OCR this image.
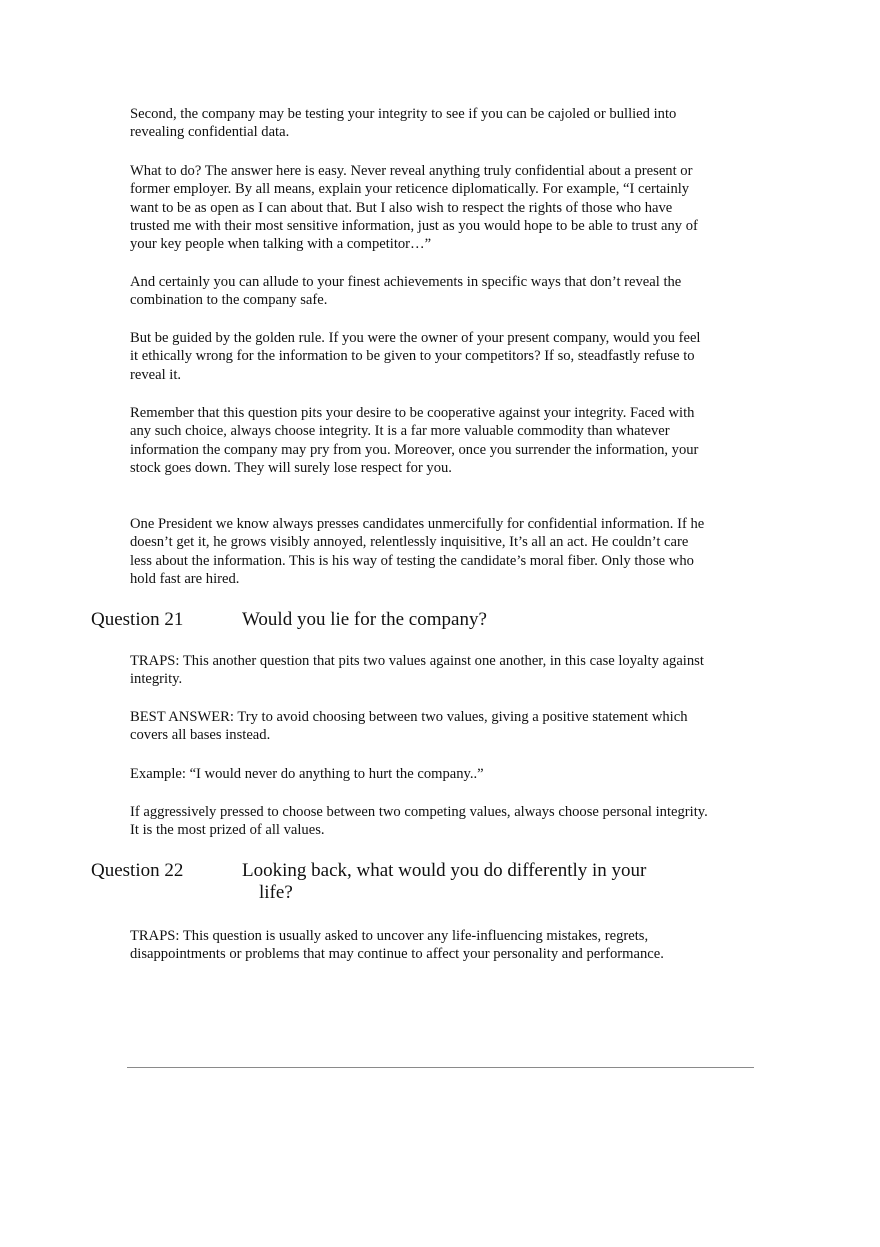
Second, the company may be testing your integrity to see if you can be cajoled or bullied into revealing confidential data.

What to do? The answer here is easy. Never reveal anything truly confidential about a present or former employer. By all means, explain your reticence diplomatically. For example, “I certainly want to be as open as I can about that. But I also wish to respect the rights of those who have trusted me with their most sensitive information, just as you would hope to be able to trust any of your key people when talking with a competitor…”

And certainly you can allude to your finest achievements in specific ways that don’t reveal the combination to the company safe.

But be guided by the golden rule. If you were the owner of your present company, would you feel it ethically wrong for the information to be given to your competitors? If so, steadfastly refuse to reveal it.

Remember that this question pits your desire to be cooperative against your integrity. Faced with any such choice, always choose integrity. It is a far more valuable commodity than whatever information the company may pry from you. Moreover, once you surrender the information, your stock goes down. They will surely lose respect for you.

One President we know always presses candidates unmercifully for confidential information. If he doesn’t get it, he grows visibly annoyed, relentlessly inquisitive, It’s all an act. He couldn’t care less about the information. This is his way of testing the candidate’s moral fiber. Only those who hold fast are hired.

Question 21	Would you lie for the company?

TRAPS: This another question that pits two values against one another, in this case loyalty against integrity.

BEST ANSWER: Try to avoid choosing between two values, giving a positive statement which covers all bases instead.

Example: “I would never do anything to hurt the company..”

If aggressively pressed to choose between two competing values, always choose personal integrity. It is the most prized of all values.

Question 22	Looking back, what would you do differently in your
life?

TRAPS: This question is usually asked to uncover any life-influencing mistakes, regrets, disappointments or problems that may continue to affect your personality and performance.
